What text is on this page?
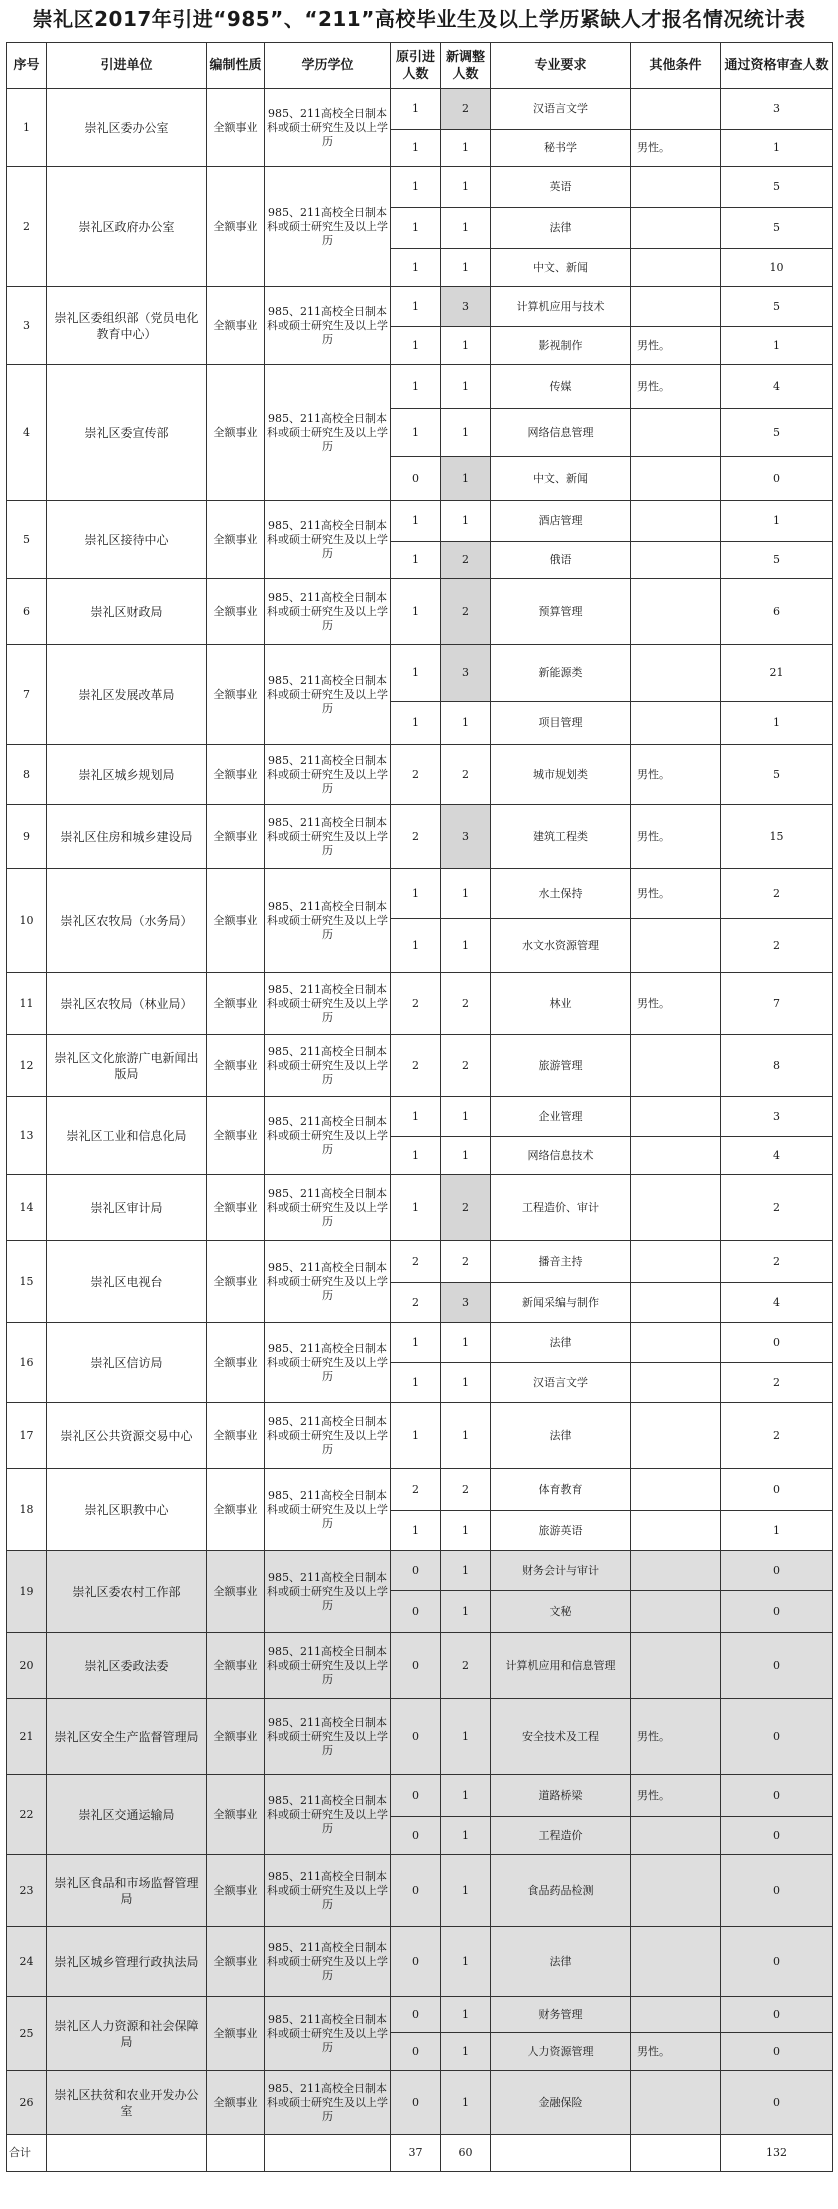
崇礼区2017年引进“985”、“211”高校毕业生及以上学历紧缺人才报名情况统计表
序号	引进单位	编制性质	学历学位	原引进人数	新调整人数	专业要求	其他条件	通过资格审查人数
1	崇礼区委办公室	全额事业	985、211高校全日制本科或硕士研究生及以上学历	1	2	汉语言文学		3
				1	1	秘书学	男性。	1
2	崇礼区政府办公室	全额事业	985、211高校全日制本科或硕士研究生及以上学历	1	1	英语		5
				1	1	法律		5
				1	1	中文、新闻		10
3	崇礼区委组织部（党员电化教育中心）	全额事业	985、211高校全日制本科或硕士研究生及以上学历	1	3	计算机应用与技术		5
				1	1	影视制作	男性。	1
4	崇礼区委宣传部	全额事业	985、211高校全日制本科或硕士研究生及以上学历	1	1	传媒	男性。	4
				1	1	网络信息管理		5
				0	1	中文、新闻		0
5	崇礼区接待中心	全额事业	985、211高校全日制本科或硕士研究生及以上学历	1	1	酒店管理		1
				1	2	俄语		5
6	崇礼区财政局	全额事业	985、211高校全日制本科或硕士研究生及以上学历	1	2	预算管理		6
7	崇礼区发展改革局	全额事业	985、211高校全日制本科或硕士研究生及以上学历	1	3	新能源类		21
				1	1	项目管理		1
8	崇礼区城乡规划局	全额事业	985、211高校全日制本科或硕士研究生及以上学历	2	2	城市规划类	男性。	5
9	崇礼区住房和城乡建设局	全额事业	985、211高校全日制本科或硕士研究生及以上学历	2	3	建筑工程类	男性。	15
10	崇礼区农牧局（水务局）	全额事业	985、211高校全日制本科或硕士研究生及以上学历	1	1	水土保持	男性。	2
				1	1	水文水资源管理		2
11	崇礼区农牧局（林业局）	全额事业	985、211高校全日制本科或硕士研究生及以上学历	2	2	林业	男性。	7
12	崇礼区文化旅游广电新闻出版局	全额事业	985、211高校全日制本科或硕士研究生及以上学历	2	2	旅游管理		8
13	崇礼区工业和信息化局	全额事业	985、211高校全日制本科或硕士研究生及以上学历	1	1	企业管理		3
				1	1	网络信息技术		4
14	崇礼区审计局	全额事业	985、211高校全日制本科或硕士研究生及以上学历	1	2	工程造价、审计		2
15	崇礼区电视台	全额事业	985、211高校全日制本科或硕士研究生及以上学历	2	2	播音主持		2
				2	3	新闻采编与制作		4
16	崇礼区信访局	全额事业	985、211高校全日制本科或硕士研究生及以上学历	1	1	法律		0
				1	1	汉语言文学		2
17	崇礼区公共资源交易中心	全额事业	985、211高校全日制本科或硕士研究生及以上学历	1	1	法律		2
18	崇礼区职教中心	全额事业	985、211高校全日制本科或硕士研究生及以上学历	2	2	体育教育		0
				1	1	旅游英语		1
19	崇礼区委农村工作部	全额事业	985、211高校全日制本科或硕士研究生及以上学历	0	1	财务会计与审计		0
				0	1	文秘		0
20	崇礼区委政法委	全额事业	985、211高校全日制本科或硕士研究生及以上学历	0	2	计算机应用和信息管理		0
21	崇礼区安全生产监督管理局	全额事业	985、211高校全日制本科或硕士研究生及以上学历	0	1	安全技术及工程	男性。	0
22	崇礼区交通运输局	全额事业	985、211高校全日制本科或硕士研究生及以上学历	0	1	道路桥梁	男性。	0
				0	1	工程造价		0
23	崇礼区食品和市场监督管理局	全额事业	985、211高校全日制本科或硕士研究生及以上学历	0	1	食品药品检测		0
24	崇礼区城乡管理行政执法局	全额事业	985、211高校全日制本科或硕士研究生及以上学历	0	1	法律		0
25	崇礼区人力资源和社会保障局	全额事业	985、211高校全日制本科或硕士研究生及以上学历	0	1	财务管理		0
				0	1	人力资源管理	男性。	0
26	崇礼区扶贫和农业开发办公室	全额事业	985、211高校全日制本科或硕士研究生及以上学历	0	1	金融保险		0
合计				37	60			132
